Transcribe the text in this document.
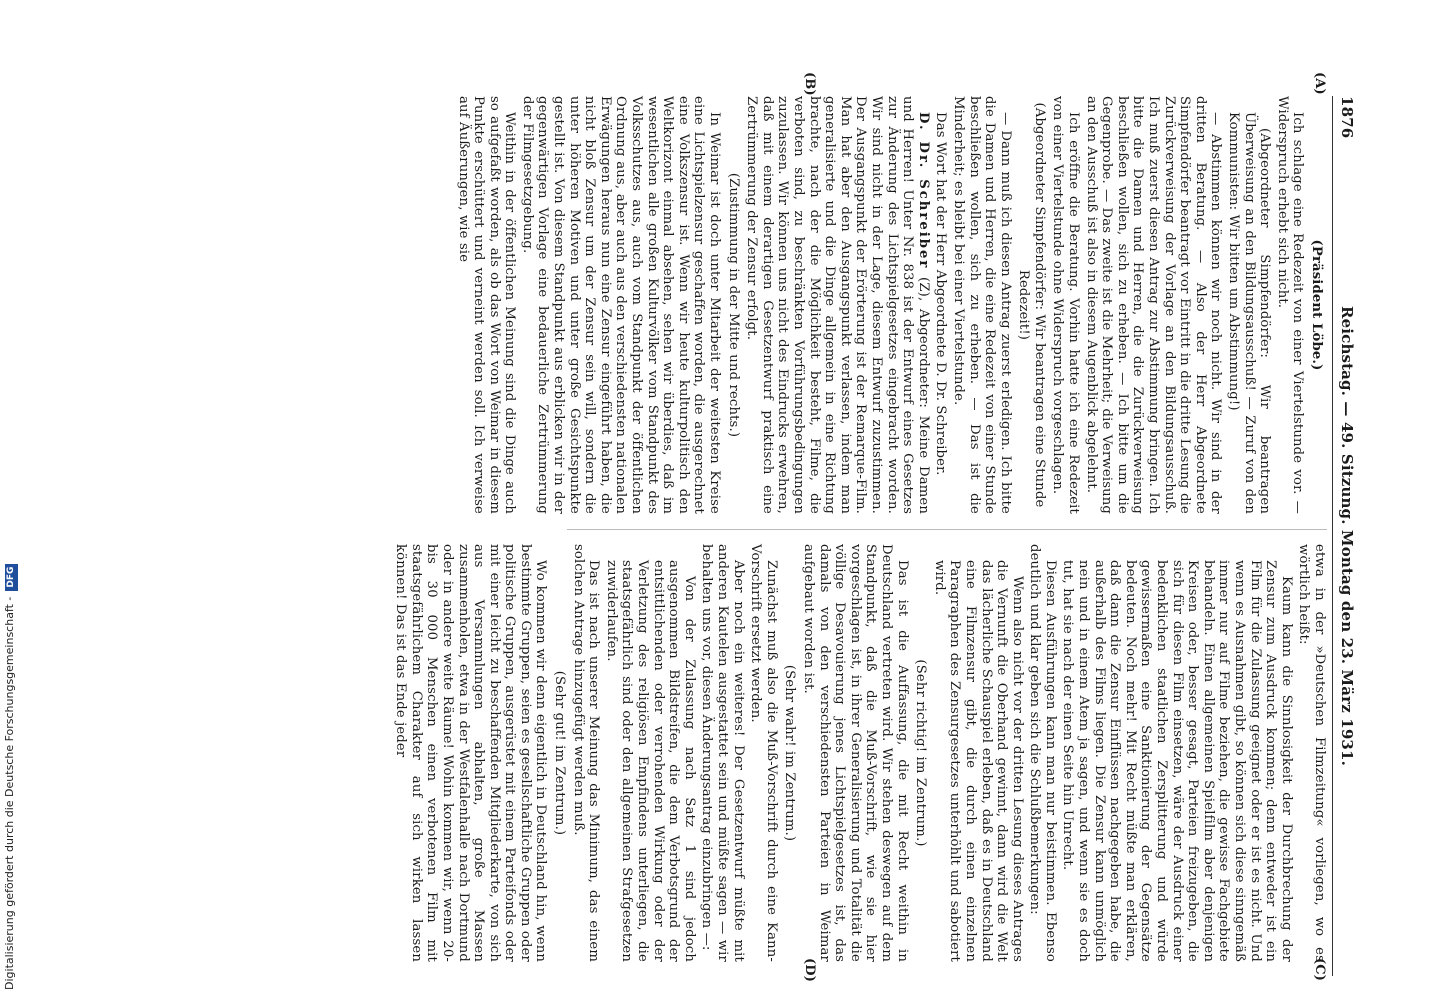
1876
Reichstag. — 49. Sitzung. Montag den 23. März 1931.
(A)
(B)
(C)
(D)

(Präsident Löbe.)

Ich schlage eine Redezeit von einer Viertelstunde vor. — Widerspruch erhebt sich nicht.

(Abgeordneter Simpfendörfer: Wir beantragen Überweisung an den Bildungsausschuß! — Zuruf von den Kommunisten: Wir bitten um Abstimmung!)

— Abstimmen können wir noch nicht. Wir sind in der dritten Beratung. — Also der Herr Abgeordnete Simpfendörfer beantragt vor Eintritt in die dritte Lesung die Zurückverweisung der Vorlage an den Bildungsausschuß. Ich muß zuerst diesen Antrag zur Abstimmung bringen. Ich bitte die Damen und Herren, die die Zurückverweisung beschließen wollen, sich zu erheben. — Ich bitte um die Gegenprobe. — Das zweite ist die Mehrheit; die Verweisung an den Ausschuß ist also in diesem Augenblick abgelehnt.

Ich eröffne die Beratung. Vorhin hatte ich eine Redezeit von einer Viertelstunde ohne Widerspruch vorgeschlagen.

(Abgeordneter Simpfendörfer: Wir beantragen eine Stunde Redezeit!)

— Dann muß ich diesen Antrag zuerst erledigen. Ich bitte die Damen und Herren, die eine Redezeit von einer Stunde beschließen wollen, sich zu erheben. — Das ist die Minderheit; es bleibt bei einer Viertelstunde.

Das Wort hat der Herr Abgeordnete D. Dr. Schreiber.

D. Dr. Schreiber (Z), Abgeordneter: Meine Damen und Herren! Unter Nr. 838 ist der Entwurf eines Gesetzes zur Änderung des Lichtspielgesetzes eingebracht worden. Wir sind nicht in der Lage, diesem Entwurf zuzustimmen. Der Ausgangspunkt der Erörterung ist der Remarque-Film. Man hat aber den Ausgangspunkt verlassen, indem man generalisierte und die Dinge allgemein in eine Richtung brachte, nach der die Möglichkeit besteht, Filme, die verboten sind, zu beschränkten Vorführungsbedingungen zuzulassen. Wir können uns nicht des Eindrucks erwehren, daß mit einem derartigen Gesetzentwurf praktisch eine Zertrümmerung der Zensur erfolgt.

(Zustimmung in der Mitte und rechts.)

In Weimar ist doch unter Mitarbeit der weitesten Kreise eine Lichtspielzensur geschaffen worden, die ausgerechnet eine Volkszensur ist. Wenn wir heute kulturpolitisch den Weltkorizont einmal absehen, sehen wir überdies, daß im wesentlichen alle großen Kulturvölker vom Standpunkt des Volksschutzes aus, auch vom Standpunkt der öffentlichen Ordnung aus, aber auch aus den verschiedensten nationalen Erwägungen heraus nun eine Zensur eingeführt haben, die nicht bloß Zensur um der Zensur sein will, sondern die unter höheren Motiven und unter große Gesichtspunkte gestellt ist. Von diesem Standpunkt aus erblicken wir in der gegenwärtigen Vorlage eine bedauerliche Zertrümmerung der Filmgesetzgebung.

Weithin in der öffentlichen Meinung sind die Dinge auch so aufgefaßt worden, als ob das Wort von Weimar in diesem Punkte erschüttert und verneint werden soll. Ich verweise auf Äußerungen, wie sie

etwa in der »Deutschen Filmzeitung« vorliegen, wo es wörtlich heißt:

Kaum kann die Sinnlosigkeit der Durchbrechung der Zensur zum Ausdruck kommen; denn entweder ist ein Film für die Zulassung geeignet oder er ist es nicht. Und wenn es Ausnahmen gibt, so können sich diese sinngemäß immer nur auf Filme beziehen, die gewisse Fachgebiete behandeln. Einen allgemeinen Spielfilm aber denjenigen Kreisen oder, besser gesagt, Parteien freizugeben, die sich für diesen Film einsetzen, wäre der Ausdruck einer bedenklichen staatlichen Zersplitterung und würde gewissermaßen eine Sanktionierung der Gegensätze bedeuten. Noch mehr! Mit Recht müßte man erklären, daß dann die Zensur Einflüssen nachgegeben habe, die außerhalb des Films liegen. Die Zensur kann unmöglich nein und in einem Atem ja sagen, und wenn sie es doch tut, hat sie nach der einen Seite hin Unrecht.

Diesen Ausführungen kann man nur beistimmen. Ebenso deutlich und klar geben sich die Schlußbemerkungen:

Wenn also nicht vor der dritten Lesung dieses Antrages die Vernunft die Oberhand gewinnt, dann wird die Welt das lächerliche Schauspiel erleben, daß es in Deutschland eine Filmzensur gibt, die durch einen einzelnen Paragraphen des Zensurgesetzes unterhöhlt und sabotiert wird.

(Sehr richtig! im Zentrum.)

Das ist die Auffassung, die mit Recht weithin in Deutschland vertreten wird. Wir stehen deswegen auf dem Standpunkt, daß die Muß-Vorschrift, wie sie hier vorgeschlagen ist, in ihrer Generalisierung und Totalität die völlige Desavouierung jenes Lichtspielgesetzes ist, das damals von den verschiedensten Parteien in Weimar aufgebaut worden ist.

(Sehr wahr! im Zentrum.)

Zunächst muß also die Muß-Vorschrift durch eine Kann-Vorschrift ersetzt werden.

Aber noch ein weiteres! Der Gesetzentwurf müßte mit anderen Kautelen ausgestattet sein und müßte sagen — wir behalten uns vor, diesen Änderungsantrag einzubringen —:

Von der Zulassung nach Satz 1 sind jedoch ausgenommen Bildstreifen, die dem Verbotsgrund der entsittlichenden oder verrohenden Wirkung oder der Verletzung des religiösen Empfindens unterliegen, die staatsgefährlich sind oder den allgemeinen Strafgesetzen zuwiderlaufen.

Das ist nach unserer Meinung das Minimum, das einem solchen Antrage hinzugefügt werden muß.

(Sehr gut! im Zentrum.)

Wo kommen wir denn eigentlich in Deutschland hin, wenn bestimmte Gruppen, seien es gesellschaftliche Gruppen oder politische Gruppen, ausgerüstet mit einem Parteifonds oder mit einer leicht zu beschaffenden Mitgliederkarte, von sich aus Versammlungen abhalten, große Massen zusammenholen, etwa in der Westfalenhalle nach Dortmund oder in andere weite Räume! Wohin kommen wir, wenn 20- bis 30 000 Menschen einen verbotenen Film mit staatsgefährlichem Charakter auf sich wirken lassen können! Das ist das Ende jeder

Digitalisierung gefördert durch die Deutsche Forschungsgemeinschaft -DFG
